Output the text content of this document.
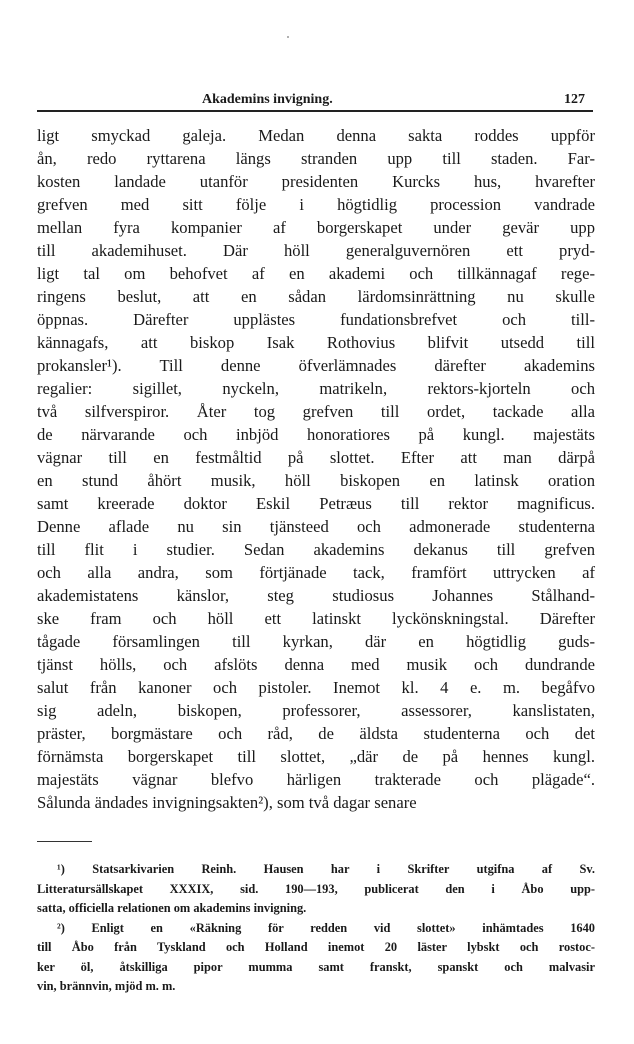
Akademins invigning.	127
ligt smyckad galeja. Medan denna sakta roddes uppför
ån, redo ryttarena längs stranden upp till staden. Far-
kosten landade utanför presidenten Kurcks hus, hvarefter
grefven med sitt följe i högtidlig procession vandrade
mellan fyra kompanier af borgerskapet under gevär upp
till akademihuset. Där höll generalguvernören ett pryd-
ligt tal om behofvet af en akademi och tillkännagaf rege-
ringens beslut, att en sådan lärdomsinrättning nu skulle
öppnas. Därefter upplästes fundationsbrefvet och till-
kännagafs, att biskop Isak Rothovius blifvit utsedd till
prokansler¹). Till denne öfverlämnades därefter akademins
regalier: sigillet, nyckeln, matrikeln, rektors-kjorteln och
två silfverspiror. Åter tog grefven till ordet, tackade alla
de närvarande och inbjöd honoratiores på kungl. majestäts
vägnar till en festmåltid på slottet. Efter att man därpå
en stund åhört musik, höll biskopen en latinsk oration
samt kreerade doktor Eskil Petræus till rektor magnificus.
Denne aflade nu sin tjänsteed och admonerade studenterna
till flit i studier. Sedan akademins dekanus till grefven
och alla andra, som förtjänade tack, framfört uttrycken af
akademistatens känslor, steg studiosus Johannes Stålhand-
ske fram och höll ett latinskt lyckönskningstal. Därefter
tågade församlingen till kyrkan, där en högtidlig guds-
tjänst hölls, och afslöts denna med musik och dundrande
salut från kanoner och pistoler. Inemot kl. 4 e. m. begåfvo
sig adeln, biskopen, professorer, assessorer, kanslistaten,
präster, borgmästare och råd, de äldsta studenterna och det
förnämsta borgerskapet till slottet, „där de på hennes kungl.
majestäts vägnar blefvo härligen trakterade och plägade“.
Sålunda ändades invigningsakten²), som två dagar senare
¹) Statsarkivarien Reinh. Hausen har i Skrifter utgifna af Sv.
Litteratursällskapet XXXIX, sid. 190—193, publicerat den i Åbo upp-
satta, officiella relationen om akademins invigning.
²) Enligt en «Räkning för redden vid slottet» inhämtades 1640
till Åbo från Tyskland och Holland inemot 20 läster lybskt och rostoc-
ker öl, åtskilliga pipor mumma samt franskt, spanskt och malvasir
vin, brännvin, mjöd m. m.
